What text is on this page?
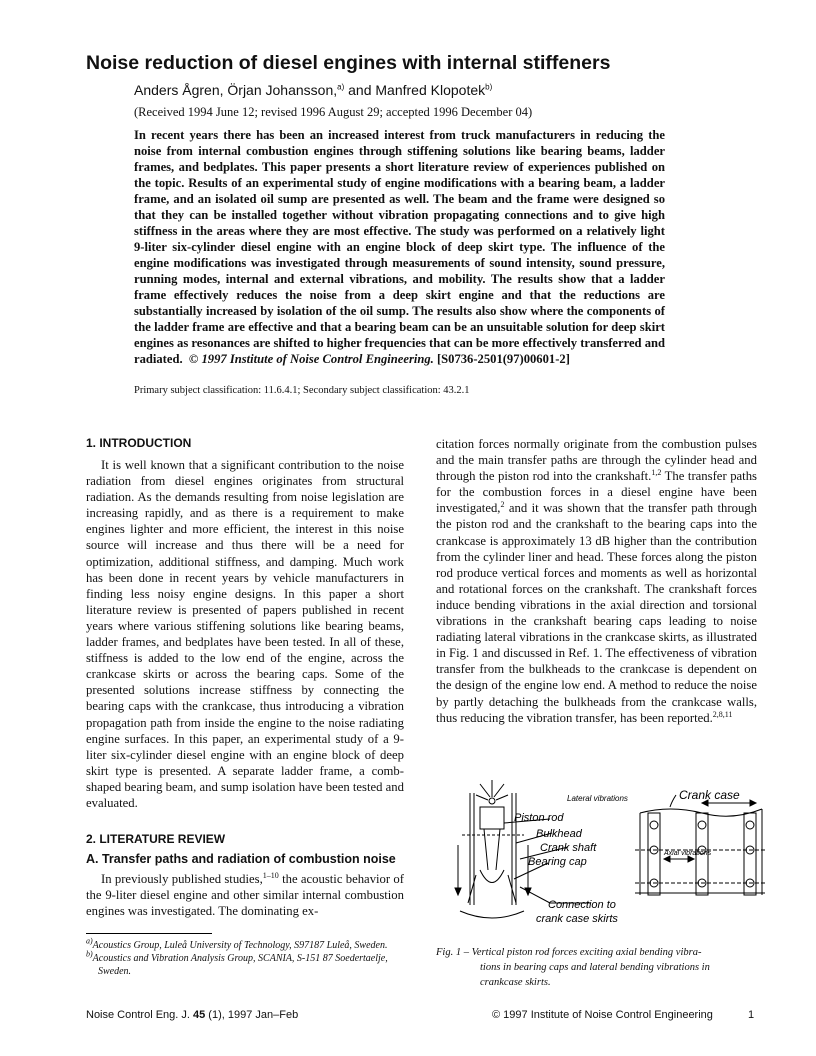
Noise reduction of diesel engines with internal stiffeners
Anders Ågren, Örjan Johansson,$^{a)}$ and Manfred Klopotek$^{b)}$
(Received 1994 June 12; revised 1996 August 29; accepted 1996 December 04)
In recent years there has been an increased interest from truck manufacturers in reducing the noise from internal combustion engines through stiffening solutions like bearing beams, ladder frames, and bedplates. This paper presents a short literature review of experiences published on the topic. Results of an experimental study of engine modifications with a bearing beam, a ladder frame, and an isolated oil sump are presented as well. The beam and the frame were designed so that they can be installed together without vibration propagating connections and to give high stiffness in the areas where they are most effective. The study was performed on a relatively light 9-liter six-cylinder diesel engine with an engine block of deep skirt type. The influence of the engine modifications was investigated through measurements of sound intensity, sound pressure, running modes, internal and external vibrations, and mobility. The results show that a ladder frame effectively reduces the noise from a deep skirt engine and that the reductions are substantially increased by isolation of the oil sump. The results also show where the components of the ladder frame are effective and that a bearing beam can be an unsuitable solution for deep skirt engines as resonances are shifted to higher frequencies that can be more effectively transferred and radiated. © 1997 Institute of Noise Control Engineering. [S0736-2501(97)00601-2]
Primary subject classification: 11.6.4.1; Secondary subject classification: 43.2.1
1. INTRODUCTION

It is well known that a significant contribution to the noise radiation from diesel engines originates from structural radiation. As the demands resulting from noise legislation are increasing rapidly, and as there is a requirement to make engines lighter and more efficient, the interest in this noise source will increase and thus there will be a need for optimization, additional stiffness, and damping. Much work has been done in recent years by vehicle manufacturers in finding less noisy engine designs. In this paper a short literature review is presented of papers published in recent years where various stiffening solutions like bearing beams, ladder frames, and bedplates have been tested. In all of these, stiffness is added to the low end of the engine, across the crankcase skirts or across the bearing caps. Some of the presented solutions increase stiffness by connecting the bearing caps with the crankcase, thus introducing a vibration propagation path from inside the engine to the noise radiating engine surfaces. In this paper, an experimental study of a 9-liter six-cylinder diesel engine with an engine block of deep skirt type is presented. A separate ladder frame, a comb-shaped bearing beam, and sump isolation have been tested and evaluated.

2. LITERATURE REVIEW
A. Transfer paths and radiation of combustion noise

In previously published studies,$^{1-10}$ the acoustic behavior of the 9-liter diesel engine and other similar internal combustion engines was investigated. The dominating ex-

citation forces normally originate from the combustion pulses and the main transfer paths are through the cylinder head and through the piston rod into the crankshaft.$^{1,2}$ The transfer paths for the combustion forces in a diesel engine have been investigated,$^2$ and it was shown that the transfer path through the piston rod and the crankshaft to the bearing caps into the crankcase is approximately 13 dB higher than the contribution from the cylinder liner and head. These forces along the piston rod produce vertical forces and moments as well as horizontal and rotational forces on the crankshaft. The crankshaft forces induce bending vibrations in the axial direction and torsional vibrations in the crankshaft bearing caps leading to noise radiating lateral vibrations in the crankcase skirts, as illustrated in Fig. 1 and discussed in Ref. 1. The effectiveness of vibration transfer from the bulkheads to the crankcase is dependent on the design of the engine low end. A method to reduce the noise by partly detaching the bulkheads from the crankcase walls, thus reducing the vibration transfer, has been reported.$^{2,8,11}$

Crank case
Lateral vibrations
Piston rod
Bulkhead
Crank shaft
Bearing cap
Axial vibrations
Connection to
crank case skirts
Fig. 1 – Vertical piston rod forces exciting axial bending vibra-
tions in bearing caps and lateral bending vibrations in
crankcase skirts.
$^{a)}$Acoustics Group, Luleå University of Technology, S97187 Luleå, Sweden.
$^{b)}$Acoustics and Vibration Analysis Group, SCANIA, S-151 87 Soedertaelje, Sweden.
Noise Control Eng. J. 45 (1), 1997 Jan–Feb	© 1997 Institute of Noise Control Engineering	1
